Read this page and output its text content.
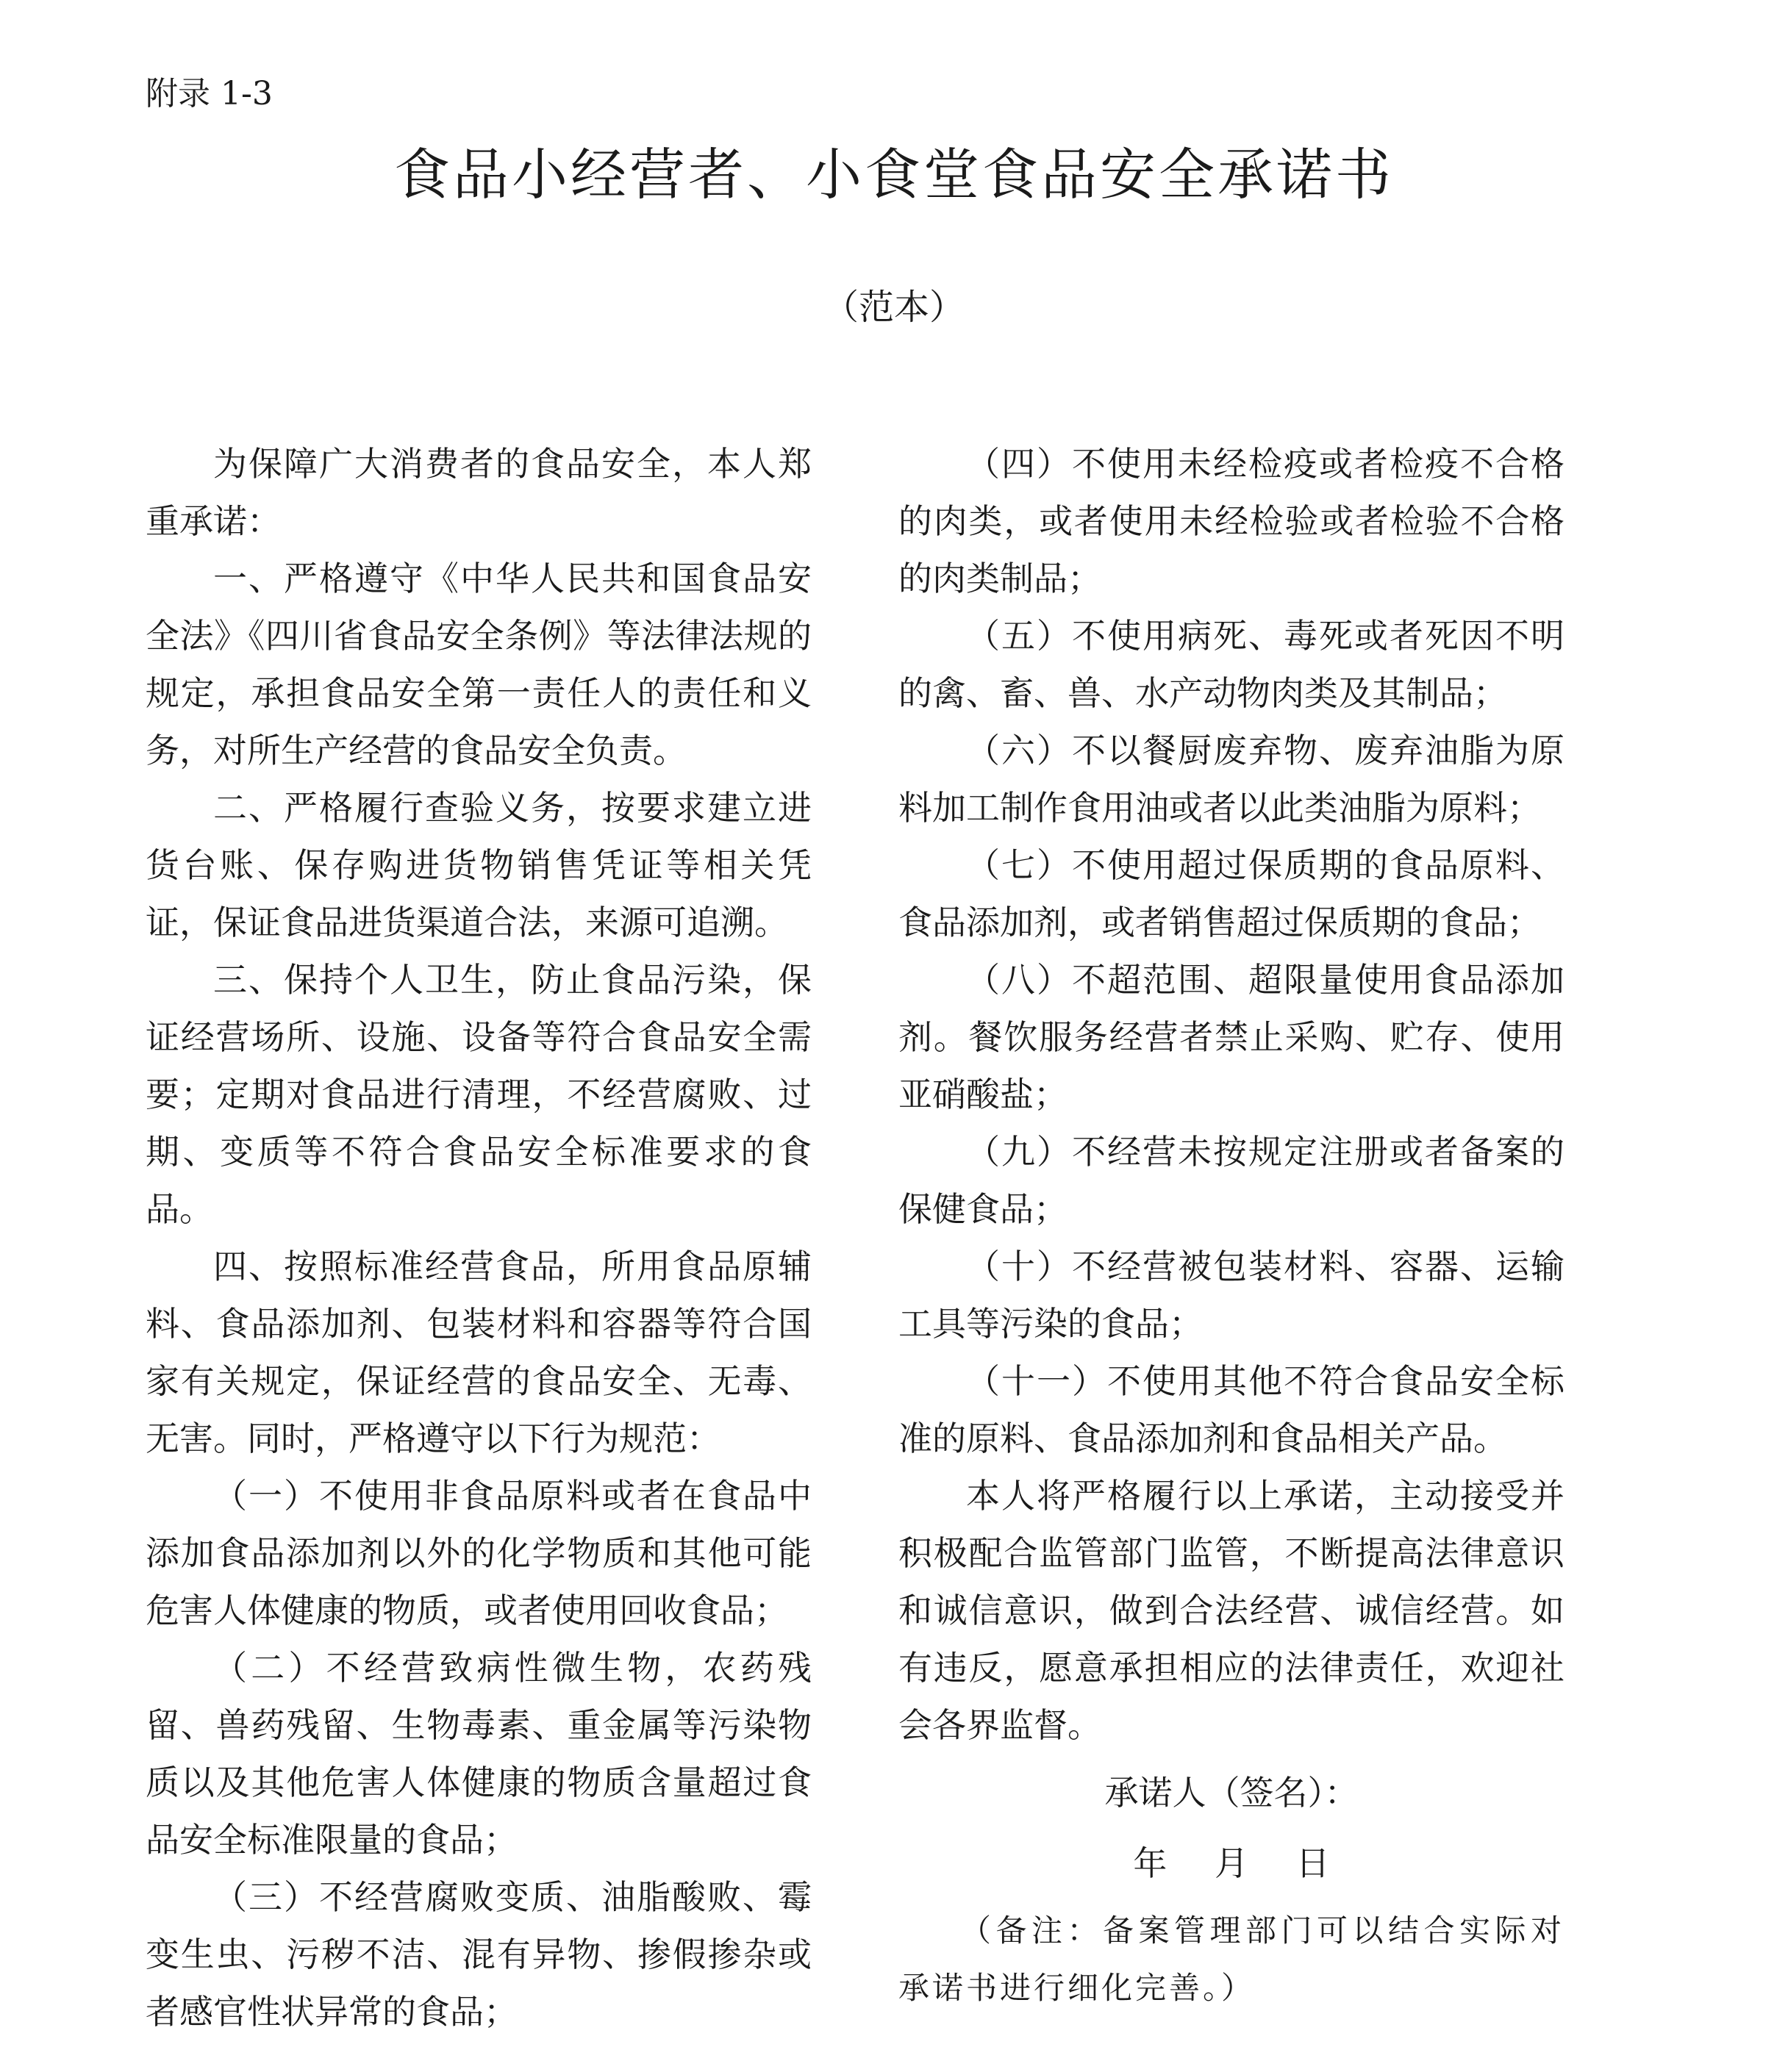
附录 1-3
食品小经营者、小食堂食品安全承诺书
（范本）

为保障广大消费者的食品安全，本人郑重承诺：

一、严格遵守《中华人民共和国食品安全法》《四川省食品安全条例》等法律法规的规定，承担食品安全第一责任人的责任和义务，对所生产经营的食品安全负责。

二、严格履行查验义务，按要求建立进货台账、保存购进货物销售凭证等相关凭证，保证食品进货渠道合法，来源可追溯。

三、保持个人卫生，防止食品污染，保证经营场所、设施、设备等符合食品安全需要；定期对食品进行清理，不经营腐败、过期、变质等不符合食品安全标准要求的食品。

四、按照标准经营食品，所用食品原辅料、食品添加剂、包装材料和容器等符合国家有关规定，保证经营的食品安全、无毒、无害。同时，严格遵守以下行为规范：

（一）不使用非食品原料或者在食品中添加食品添加剂以外的化学物质和其他可能危害人体健康的物质，或者使用回收食品；

（二）不经营致病性微生物，农药残留、兽药残留、生物毒素、重金属等污染物质以及其他危害人体健康的物质含量超过食品安全标准限量的食品；

（三）不经营腐败变质、油脂酸败、霉变生虫、污秽不洁、混有异物、掺假掺杂或者感官性状异常的食品；

（四）不使用未经检疫或者检疫不合格的肉类，或者使用未经检验或者检验不合格的肉类制品；

（五）不使用病死、毒死或者死因不明的禽、畜、兽、水产动物肉类及其制品；

（六）不以餐厨废弃物、废弃油脂为原料加工制作食用油或者以此类油脂为原料；

（七）不使用超过保质期的食品原料、食品添加剂，或者销售超过保质期的食品；

（八）不超范围、超限量使用食品添加剂。餐饮服务经营者禁止采购、贮存、使用亚硝酸盐；

（九）不经营未按规定注册或者备案的保健食品；

（十）不经营被包装材料、容器、运输工具等污染的食品；

（十一）不使用其他不符合食品安全标准的原料、食品添加剂和食品相关产品。

本人将严格履行以上承诺，主动接受并积极配合监管部门监管，不断提高法律意识和诚信意识，做到合法经营、诚信经营。如有违反，愿意承担相应的法律责任，欢迎社会各界监督。

承诺人（签名）：

年 月 日

（备注：备案管理部门可以结合实际对承诺书进行细化完善。）
